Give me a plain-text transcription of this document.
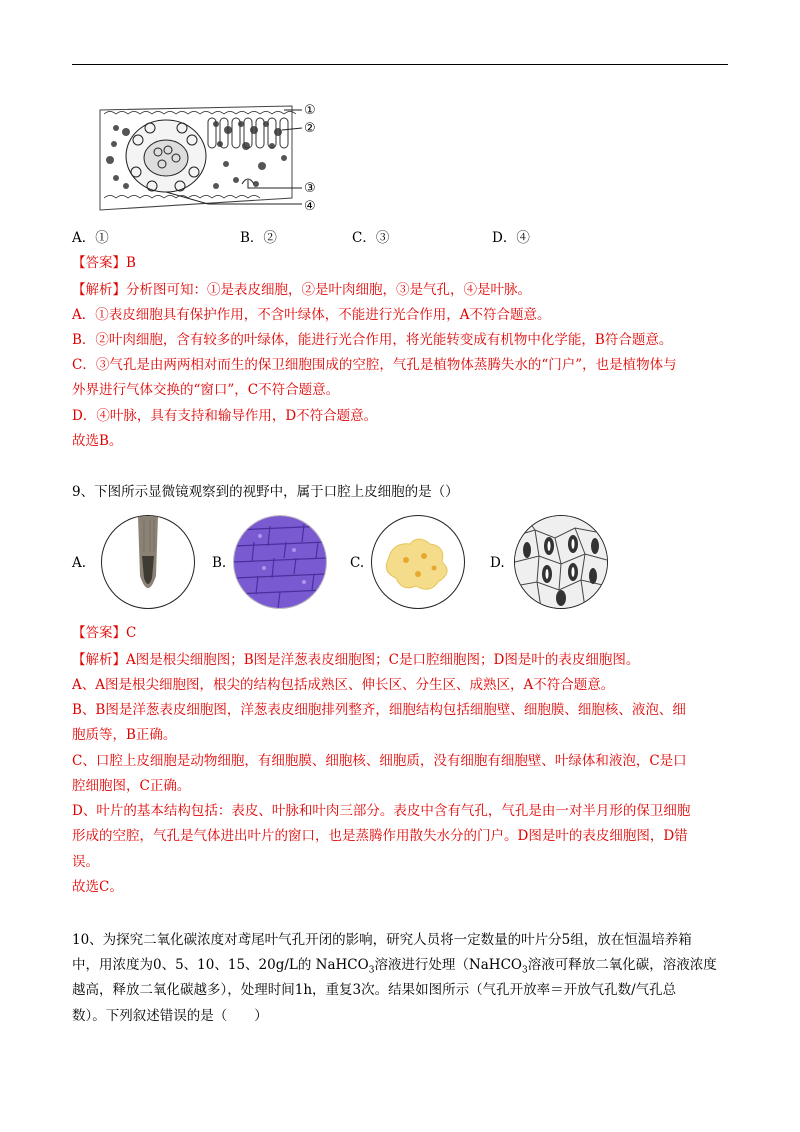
①
②
③
④
A．①	B．②	C．③	D．④
【答案】B
【解析】分析图可知：①是表皮细胞，②是叶肉细胞，③是气孔，④是叶脉。
A．①表皮细胞具有保护作用，不含叶绿体，不能进行光合作用，A不符合题意。
B．②叶肉细胞，含有较多的叶绿体，能进行光合作用，将光能转变成有机物中化学能，B符合题意。
C．③气孔是由两两相对而生的保卫细胞围成的空腔，气孔是植物体蒸腾失水的“门户”，也是植物体与
外界进行气体交换的“窗口”，C不符合题意。
D．④叶脉，具有支持和输导作用，D不符合题意。
故选B。
9、下图所示显微镜观察到的视野中，属于口腔上皮细胞的是（）
A.	B.	C.	D.
【答案】C
【解析】A图是根尖细胞图；B图是洋葱表皮细胞图；C是口腔细胞图；D图是叶的表皮细胞图。
A、A图是根尖细胞图，根尖的结构包括成熟区、伸长区、分生区、成熟区，A不符合题意。
B、B图是洋葱表皮细胞图，洋葱表皮细胞排列整齐，细胞结构包括细胞壁、细胞膜、细胞核、液泡、细
胞质等，B正确。
C、口腔上皮细胞是动物细胞，有细胞膜、细胞核、细胞质，没有细胞有细胞壁、叶绿体和液泡，C是口
腔细胞图，C正确。
D、叶片的基本结构包括：表皮、叶脉和叶肉三部分。表皮中含有气孔，气孔是由一对半月形的保卫细胞
形成的空腔，气孔是气体进出叶片的窗口，也是蒸腾作用散失水分的门户。D图是叶的表皮细胞图，D错
误。
故选C。
10、为探究二氧化碳浓度对鸢尾叶气孔开闭的影响，研究人员将一定数量的叶片分5组，放在恒温培养箱
中，用浓度为0、5、10、15、20g/L的 NaHCO$_3$溶液进行处理（NaHCO$_3$溶液可释放二氧化碳，溶液浓度
越高，释放二氧化碳越多），处理时间1h，重复3次。结果如图所示（气孔开放率＝开放气孔数/气孔总
数）。下列叙述错误的是（　　）
